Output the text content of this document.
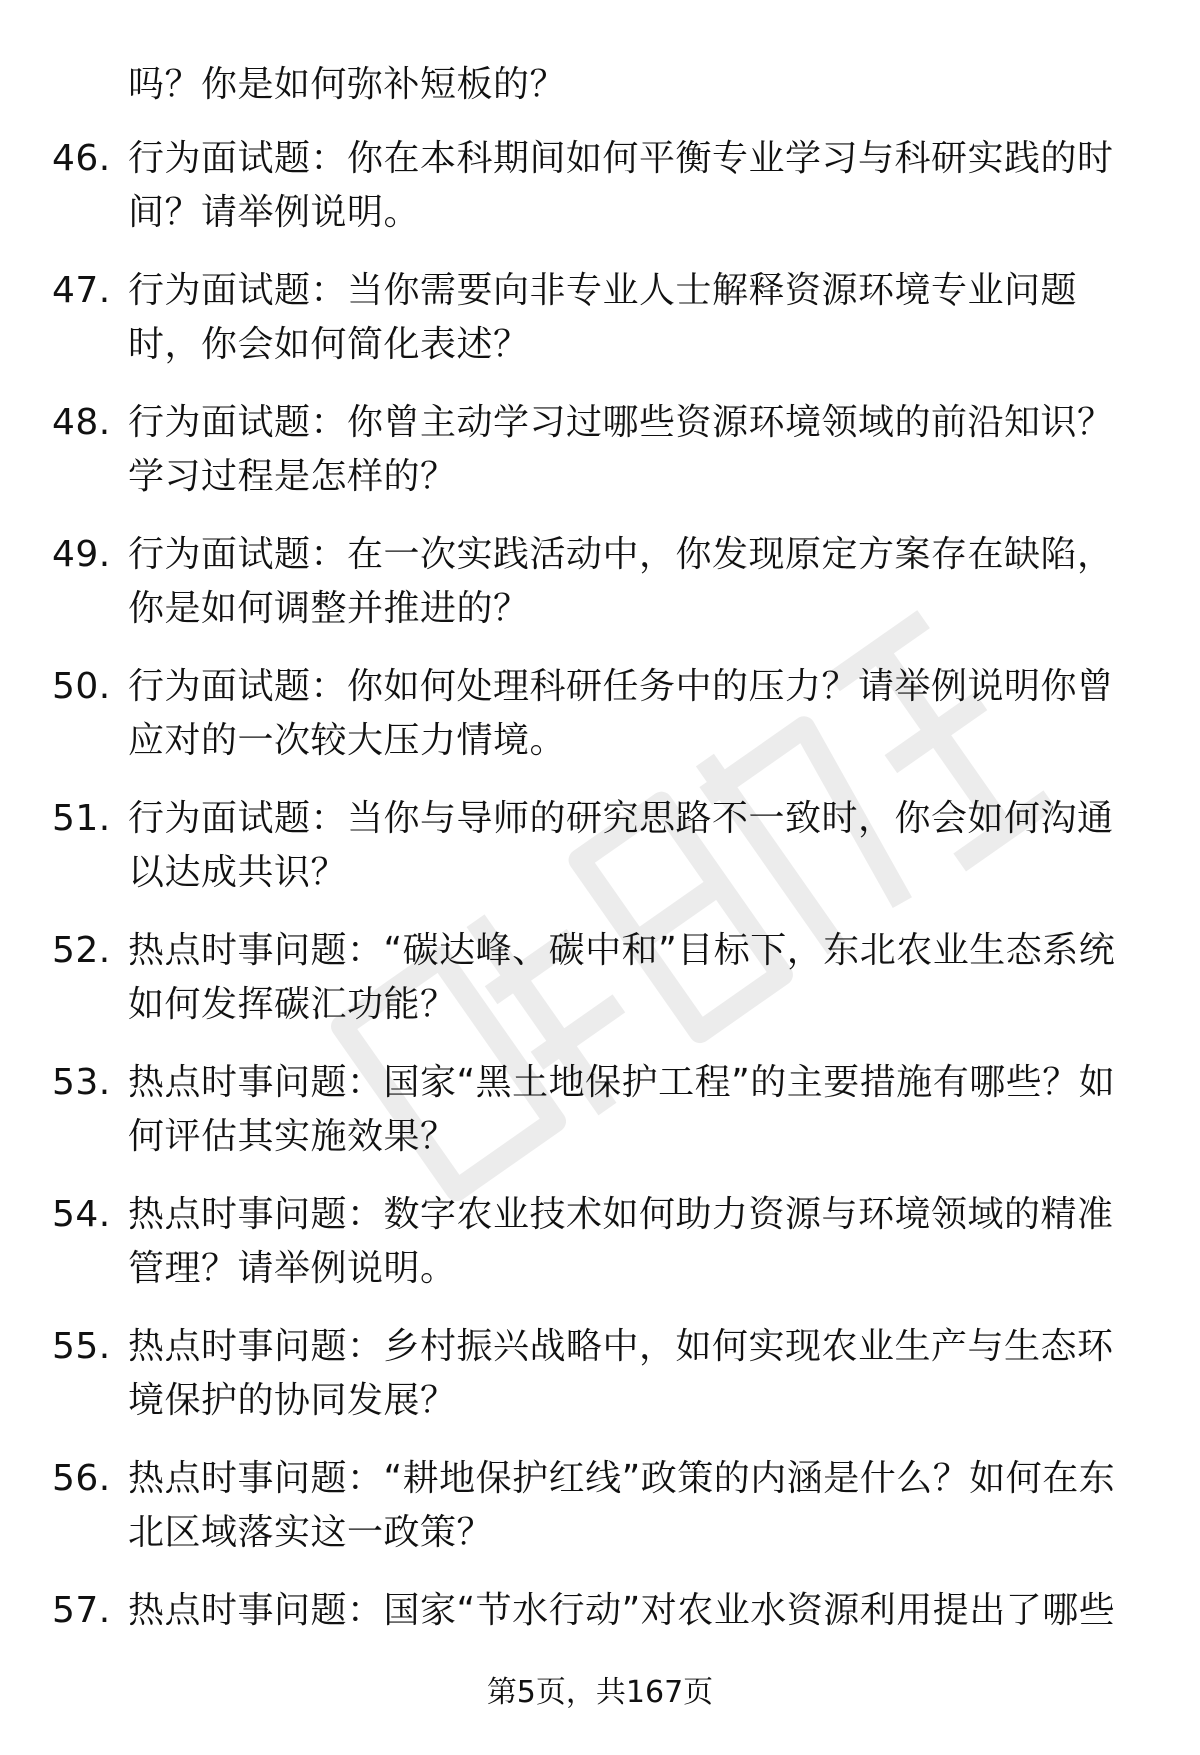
吗？你是如何弥补短板的？
46. 行为面试题：你在本科期间如何平衡专业学习与科研实践的时间？请举例说明。
47. 行为面试题：当你需要向非专业人士解释资源环境专业问题时，你会如何简化表述？
48. 行为面试题：你曾主动学习过哪些资源环境领域的前沿知识？学习过程是怎样的？
49. 行为面试题：在一次实践活动中，你发现原定方案存在缺陷，你是如何调整并推进的？
50. 行为面试题：你如何处理科研任务中的压力？请举例说明你曾应对的一次较大压力情境。
51. 行为面试题：当你与导师的研究思路不一致时，你会如何沟通以达成共识？
52. 热点时事问题：“碳达峰、碳中和”目标下，东北农业生态系统如何发挥碳汇功能？
53. 热点时事问题：国家“黑土地保护工程”的主要措施有哪些？如何评估其实施效果？
54. 热点时事问题：数字农业技术如何助力资源与环境领域的精准管理？请举例说明。
55. 热点时事问题：乡村振兴战略中，如何实现农业生产与生态环境保护的协同发展？
56. 热点时事问题：“耕地保护红线”政策的内涵是什么？如何在东北区域落实这一政策？
57. 热点时事问题：国家“节水行动”对农业水资源利用提出了哪些
第5页，共167页
